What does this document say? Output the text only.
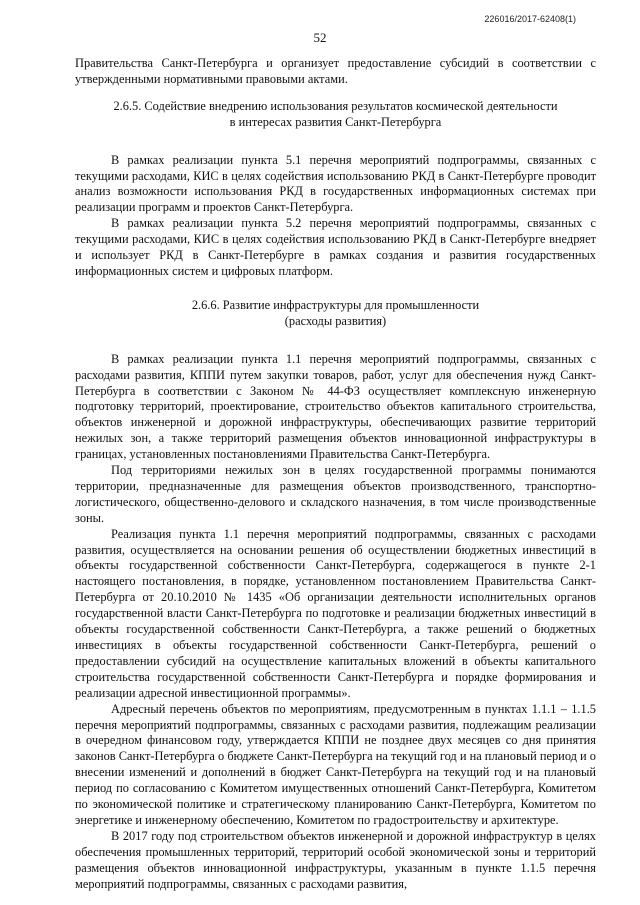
226016/2017-62408(1)
52

Правительства Санкт-Петербурга и организует предоставление субсидий в соответствии с утвержденными нормативными правовыми актами.

2.6.5. Содействие внедрению использования результатов космической деятельности

в интересах развития Санкт-Петербурга

В рамках реализации пункта 5.1 перечня мероприятий подпрограммы, связанных с текущими расходами, КИС в целях содействия использованию РКД в Санкт-Петербурге проводит анализ возможности использования РКД в государственных информационных системах при реализации программ и проектов Санкт-Петербурга.

В рамках реализации пункта 5.2 перечня мероприятий подпрограммы, связанных с текущими расходами, КИС в целях содействия использованию РКД в Санкт-Петербурге внедряет и использует РКД в Санкт-Петербурге в рамках создания и развития государственных информационных систем и цифровых платформ.

2.6.6. Развитие инфраструктуры для промышленности

(расходы развития)

В рамках реализации пункта 1.1 перечня мероприятий подпрограммы, связанных с расходами развития, КППИ путем закупки товаров, работ, услуг для обеспечения нужд Санкт-Петербурга в соответствии с Законом № 44-ФЗ осуществляет комплексную инженерную подготовку территорий, проектирование, строительство объектов капитального строительства, объектов инженерной и дорожной инфраструктуры, обеспечивающих развитие территорий нежилых зон, а также территорий размещения объектов инновационной инфраструктуры в границах, установленных постановлениями Правительства Санкт-Петербурга.

Под территориями нежилых зон в целях государственной программы понимаются территории, предназначенные для размещения объектов производственного, транспортно-логистического, общественно-делового и складского назначения, в том числе производственные зоны.

Реализация пункта 1.1 перечня мероприятий подпрограммы, связанных с расходами развития, осуществляется на основании решения об осуществлении бюджетных инвестиций в объекты государственной собственности Санкт-Петербурга, содержащегося в пункте 2-1 настоящего постановления, в порядке, установленном постановлением Правительства Санкт-Петербурга от 20.10.2010 № 1435 «Об организации деятельности исполнительных органов государственной власти Санкт-Петербурга по подготовке и реализации бюджетных инвестиций в объекты государственной собственности Санкт-Петербурга, а также решений о бюджетных инвестициях в объекты государственной собственности Санкт-Петербурга, решений о предоставлении субсидий на осуществление капитальных вложений в объекты капитального строительства государственной собственности Санкт-Петербурга и порядке формирования и реализации адресной инвестиционной программы».

Адресный перечень объектов по мероприятиям, предусмотренным в пунктах 1.1.1 – 1.1.5 перечня мероприятий подпрограммы, связанных с расходами развития, подлежащим реализации в очередном финансовом году, утверждается КППИ не позднее двух месяцев со дня принятия законов Санкт-Петербурга о бюджете Санкт-Петербурга на текущий год и на плановый период и о внесении изменений и дополнений в бюджет Санкт-Петербурга на текущий год и на плановый период по согласованию с Комитетом имущественных отношений Санкт-Петербурга, Комитетом по экономической политике и стратегическому планированию Санкт-Петербурга, Комитетом по энергетике и инженерному обеспечению, Комитетом по градостроительству и архитектуре.

В 2017 году под строительством объектов инженерной и дорожной инфраструктур в целях обеспечения промышленных территорий, территорий особой экономической зоны и территорий размещения объектов инновационной инфраструктуры, указанным в пункте 1.1.5 перечня мероприятий подпрограммы, связанных с расходами развития,
